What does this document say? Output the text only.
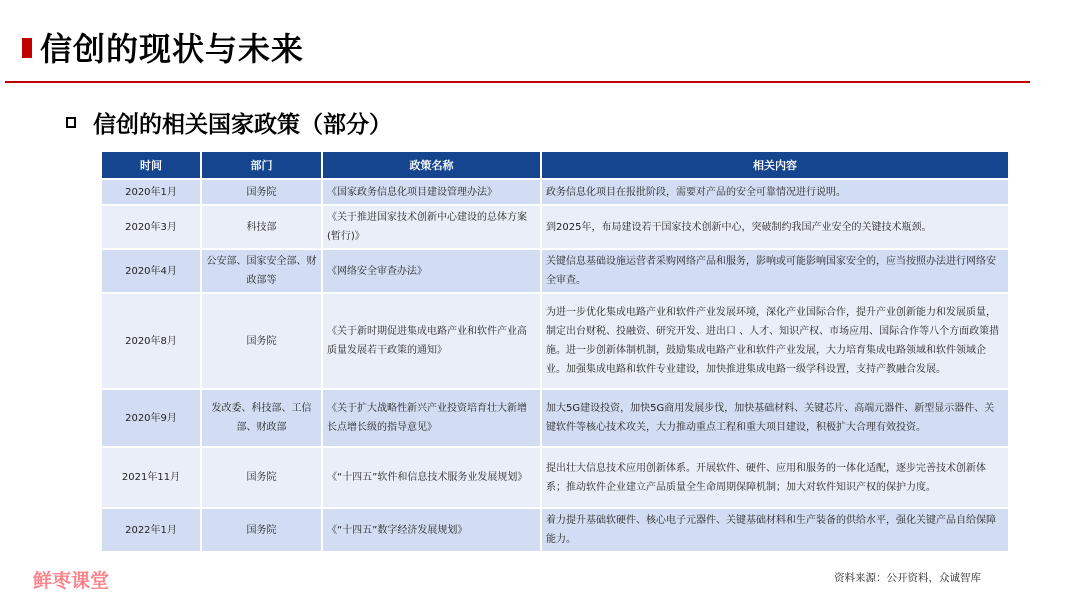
信创的现状与未来
信创的相关国家政策（部分）
时间	部门	政策名称	相关内容
2020年1月	国务院	《国家政务信息化项目建设管理办法》	政务信息化项目在报批阶段，需要对产品的安全可靠情况进行说明。
2020年3月	科技部	《关于推进国家技术创新中心建设的总体方案(暂行)》	到2025年，布局建设若干国家技术创新中心，突破制约我国产业安全的关键技术瓶颈。
2020年4月	公安部、国家安全部、财政部等	《网络安全审查办法》	关键信息基础设施运营者采购网络产品和服务，影响或可能影响国家安全的，应当按照办法进行网络安全审查。
2020年8月	国务院	《关于新时期促进集成电路产业和软件产业高质量发展若干政策的通知》	为进一步优化集成电路产业和软件产业发展环境，深化产业国际合作，提升产业创新能力和发展质量，制定出台财税、投融资、研究开发、进出口 、人才、知识产权、市场应用、国际合作等八个方面政策措施。进一步创新体制机制，鼓励集成电路产业和软件产业发展，大力培育集成电路领域和软件领域企业。加强集成电路和软件专业建设，加快推进集成电路一级学科设置，支持产教融合发展。
2020年9月	发改委、科技部、工信部、财政部	《关于扩大战略性新兴产业投资培育壮大新增长点增长级的指导意见》	加大5G建设投资，加快5G商用发展步伐，加快基础材料、关键芯片、高端元器件、新型显示器件、关键软件等核心技术攻关，大力推动重点工程和重大项目建设，积极扩大合理有效投资。
2021年11月	国务院	《“十四五”软件和信息技术服务业发展规划》	提出壮大信息技术应用创新体系。开展软件、硬件、应用和服务的一体化适配，逐步完善技术创新体系；推动软件企业建立产品质量全生命周期保障机制；加大对软件知识产权的保护力度。
2022年1月	国务院	《“十四五”数字经济发展规划》	着力提升基础软硬件、核心电子元器件、关键基础材料和生产装备的供给水平，强化关键产品自给保障能力。
鲜枣课堂	资料来源：公开资料，众诚智库
